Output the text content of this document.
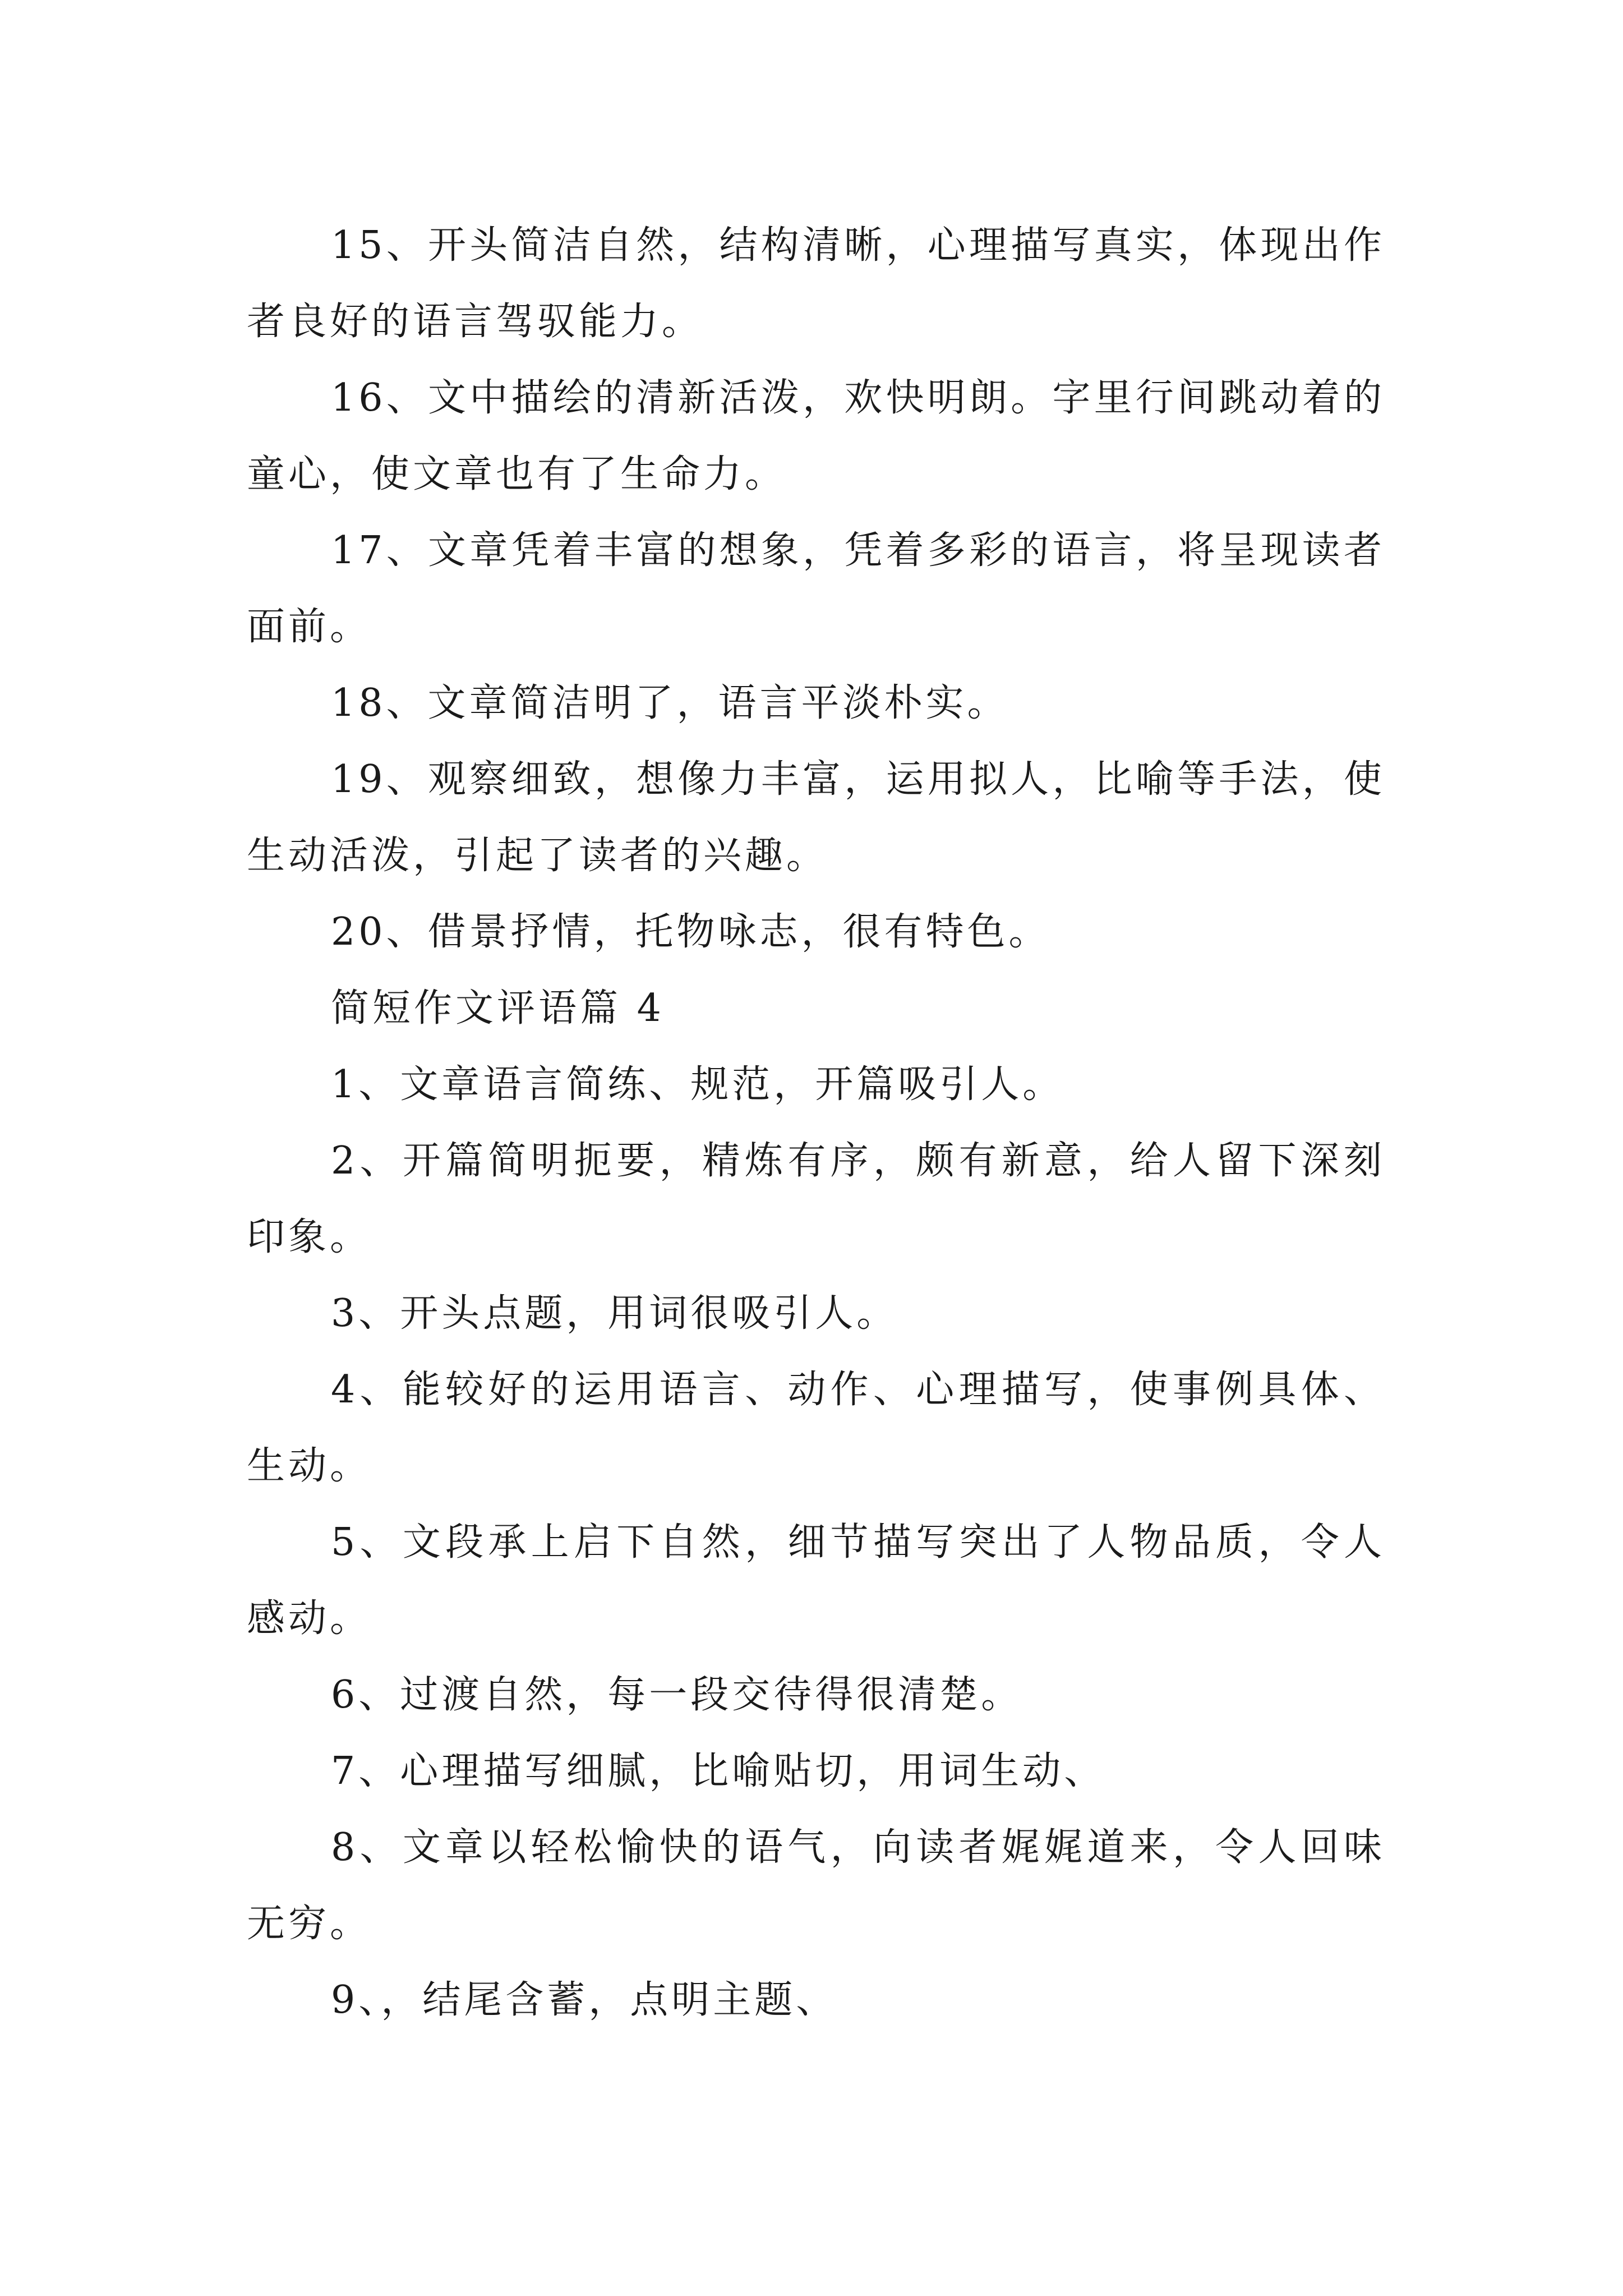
15、开头简洁自然，结构清晰，心理描写真实，体现出作者良好的语言驾驭能力。

16、文中描绘的清新活泼，欢快明朗。字里行间跳动着的童心，使文章也有了生命力。

17、文章凭着丰富的想象，凭着多彩的语言，将呈现读者面前。

18、文章简洁明了，语言平淡朴实。

19、观察细致，想像力丰富，运用拟人，比喻等手法，使生动活泼，引起了读者的兴趣。

20、借景抒情，托物咏志，很有特色。

简短作文评语篇 4

1、文章语言简练、规范，开篇吸引人。

2、开篇简明扼要，精炼有序，颇有新意，给人留下深刻印象。

3、开头点题，用词很吸引人。

4、能较好的运用语言、动作、心理描写，使事例具体、生动。

5、文段承上启下自然，细节描写突出了人物品质，令人感动。

6、过渡自然，每一段交待得很清楚。

7、心理描写细腻，比喻贴切，用词生动、

8、文章以轻松愉快的语气，向读者娓娓道来，令人回味无穷。

9、，结尾含蓄，点明主题、
